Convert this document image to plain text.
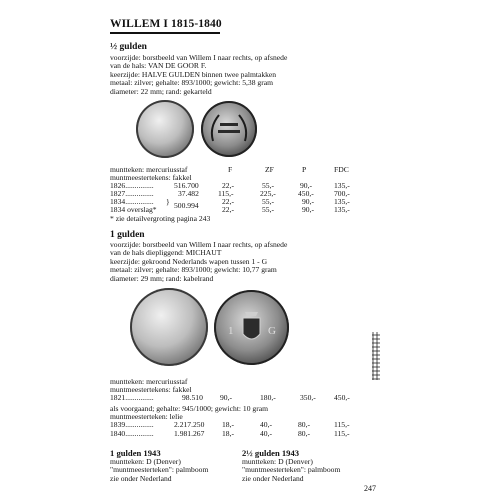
WILLEM I 1815-1840
½ gulden
voorzijde: borstbeeld van Willem I naar rechts, op afsnede
van de hals: VAN DE GOOR F.
keerzijde: HALVE GULDEN binnen twee palmtakken
metaal: zilver; gehalte: 893/1000; gewicht: 5,38 gram
diameter: 22 mm; rand: gekarteld
muntteken: mercuriusstaf	F	ZF	P	FDC
muntmeestertekens: fakkel
1826...............	516.700	22,-	55,-	90,-	135,-
1827...............	37.482	115,-	225,-	450,-	700,-
1834............... } 500.994	22,-	55,-	90,-	135,-
1834 overslag*	22,-	55,-	90,-	135,-
* zie detailvergroting pagina 243
1 gulden
voorzijde: borstbeeld van Willem I naar rechts, op afsnede
van de hals diepliggend: MICHAUT
keerzijde: gekroond Nederlands wapen tussen 1 - G
metaal: zilver; gehalte: 893/1000; gewicht: 10,77 gram
diameter: 29 mm; rand: kabelrand
1	G
muntteken: mercuriusstaf
muntmeestertekens: fakkel
1821...............	98.510 90,-	180,-	350,- 450,-
als voorgaand; gehalte: 945/1000; gewicht: 10 gram
muntmeesterteken: lelie
1839...............	2.217.250 18,-	40,-	80,-	115,-
1840...............	1.981.267 18,-	40,-	80,-	115,-
1 gulden 1943
muntteken: D (Denver)
"muntmeesterteken": palmboom
zie onder Nederland
2½ gulden 1943
muntteken: D (Denver)
"muntmeesterteken": palmboom
zie onder Nederland
247
